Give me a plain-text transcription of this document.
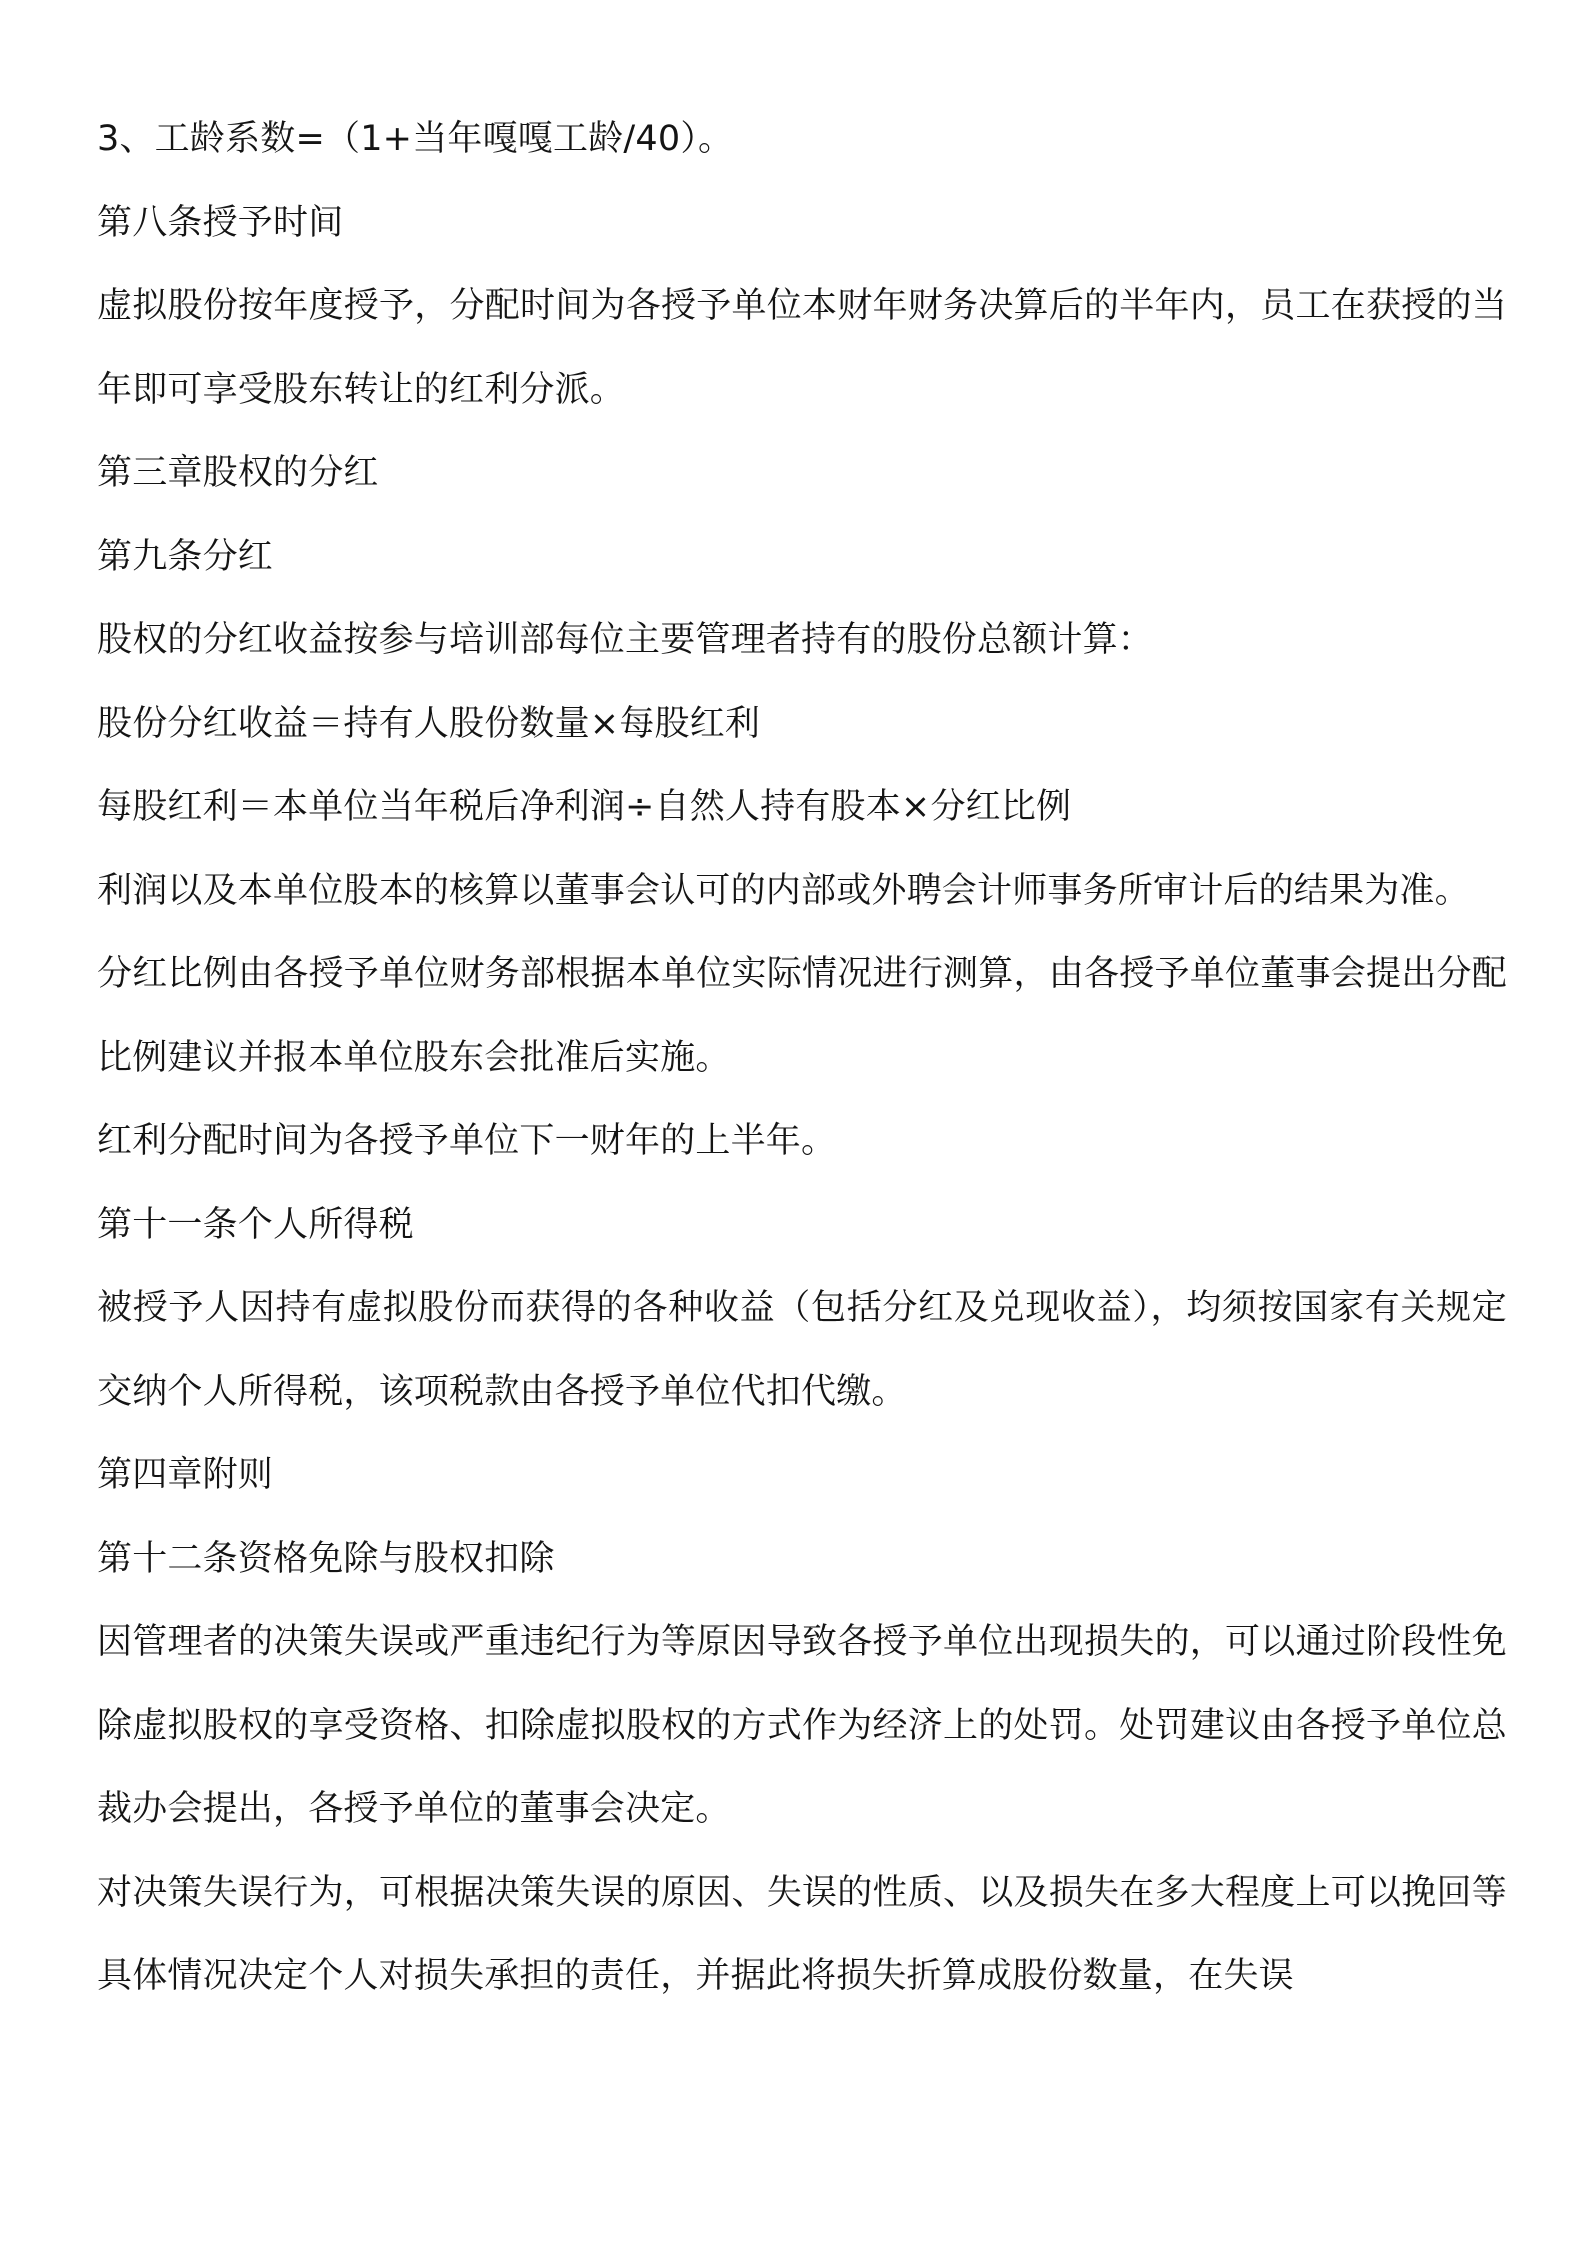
3、工龄系数=（1+当年嘎嘎工龄/40）。

第八条授予时间

虚拟股份按年度授予，分配时间为各授予单位本财年财务决算后的半年内，员工在获授的当年即可享受股东转让的红利分派。

第三章股权的分红

第九条分红

股权的分红收益按参与培训部每位主要管理者持有的股份总额计算：

股份分红收益＝持有人股份数量×每股红利

每股红利＝本单位当年税后净利润÷自然人持有股本×分红比例

利润以及本单位股本的核算以董事会认可的内部或外聘会计师事务所审计后的结果为准。

分红比例由各授予单位财务部根据本单位实际情况进行测算，由各授予单位董事会提出分配比例建议并报本单位股东会批准后实施。

红利分配时间为各授予单位下一财年的上半年。

第十一条个人所得税

被授予人因持有虚拟股份而获得的各种收益（包括分红及兑现收益），均须按国家有关规定交纳个人所得税，该项税款由各授予单位代扣代缴。

第四章附则

第十二条资格免除与股权扣除

因管理者的决策失误或严重违纪行为等原因导致各授予单位出现损失的，可以通过阶段性免除虚拟股权的享受资格、扣除虚拟股权的方式作为经济上的处罚。处罚建议由各授予单位总裁办会提出，各授予单位的董事会决定。

对决策失误行为，可根据决策失误的原因、失误的性质、以及损失在多大程度上可以挽回等具体情况决定个人对损失承担的责任，并据此将损失折算成股份数量，在失误
